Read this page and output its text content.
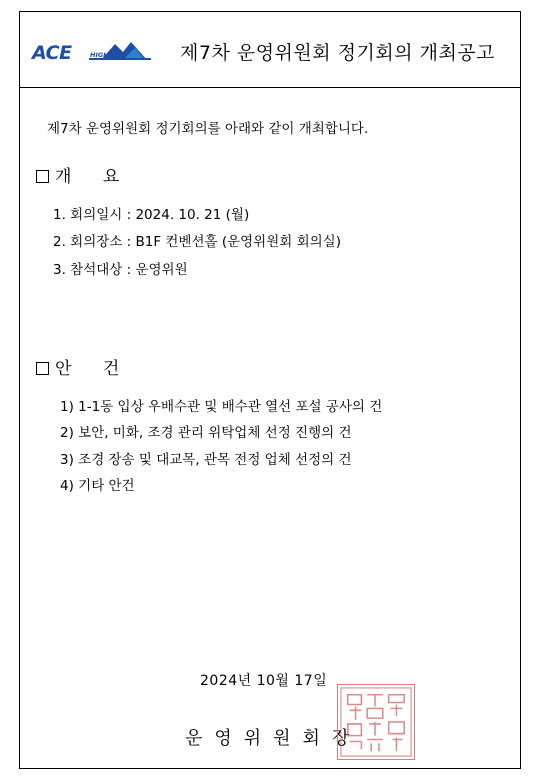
ACE	HIGH CITY	제7차 운영위원회 정기회의 개최공고
제7차 운영위원회 정기회의를 아래와 같이 개최합니다.
개 요
1. 회의일시 : 2024. 10. 21 (월)
2. 회의장소 : B1F 컨벤션홀 (운영위원회 회의실)
3. 참석대상 : 운영위원
안 건
1) 1-1동 입상 우배수관 및 배수관 열선 포설 공사의 건
2) 보안, 미화, 조경 관리 위탁업체 선정 진행의 건
3) 조경 장송 및 대교목, 관목 전정 업체 선정의 건
4) 기타 안건
2024년 10월 17일
운영위원회장
